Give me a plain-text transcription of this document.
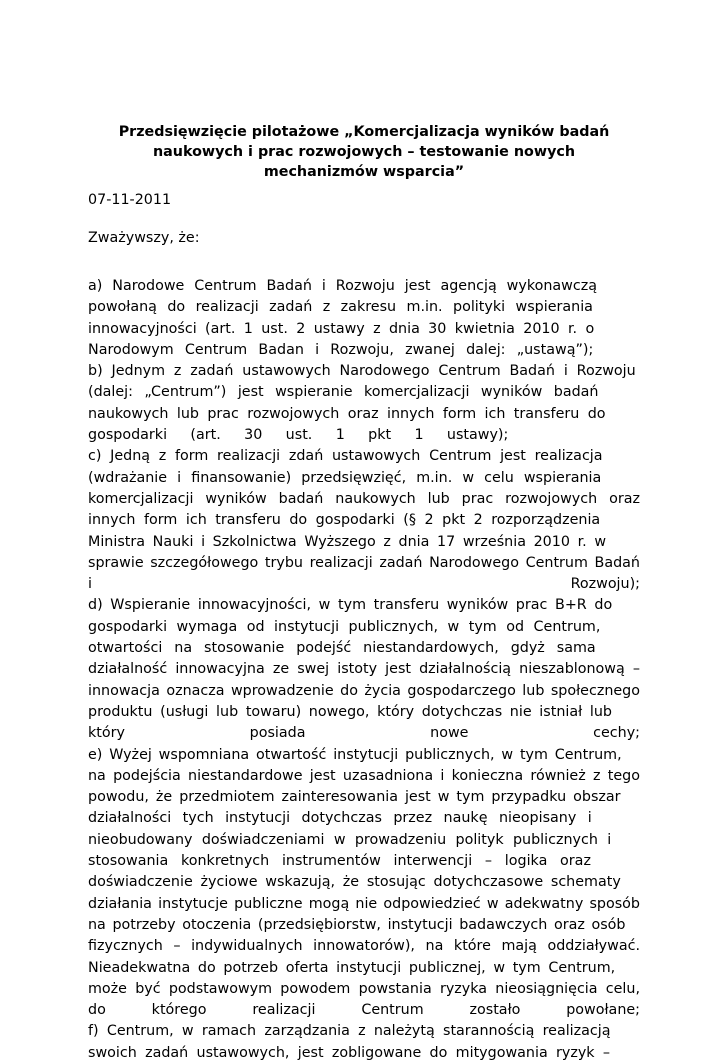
Przedsięwzięcie pilotażowe „Komercjalizacja wyników badań
naukowych i prac rozwojowych – testowanie nowych
mechanizmów wsparcia”
07-11-2011
Zważywszy, że:
a) Narodowe Centrum Badań i Rozwoju jest agencją wykonawczą
powołaną do realizacji zadań z zakresu m.in. polityki wspierania
innowacyjności (art. 1 ust. 2 ustawy z dnia 30 kwietnia 2010 r. o
Narodowym Centrum Badan i Rozwoju, zwanej dalej: „ustawą”);
b) Jednym z zadań ustawowych Narodowego Centrum Badań i Rozwoju
(dalej: „Centrum”) jest wspieranie komercjalizacji wyników badań
naukowych lub prac rozwojowych oraz innych form ich transferu do
gospodarki (art. 30 ust. 1 pkt 1 ustawy);
c) Jedną z form realizacji zdań ustawowych Centrum jest realizacja
(wdrażanie i finansowanie) przedsięwzięć, m.in. w celu wspierania
komercjalizacji wyników badań naukowych lub prac rozwojowych oraz
innych form ich transferu do gospodarki (§ 2 pkt 2 rozporządzenia
Ministra Nauki i Szkolnictwa Wyższego z dnia 17 września 2010 r. w
sprawie szczegółowego trybu realizacji zadań Narodowego Centrum Badań
i Rozwoju);
d) Wspieranie innowacyjności, w tym transferu wyników prac B+R do
gospodarki wymaga od instytucji publicznych, w tym od Centrum,
otwartości na stosowanie podejść niestandardowych, gdyż sama
działalność innowacyjna ze swej istoty jest działalnością nieszablonową –
innowacja oznacza wprowadzenie do życia gospodarczego lub społecznego
produktu (usługi lub towaru) nowego, który dotychczas nie istniał lub
który posiada nowe cechy;
e) Wyżej wspomniana otwartość instytucji publicznych, w tym Centrum,
na podejścia niestandardowe jest uzasadniona i konieczna również z tego
powodu, że przedmiotem zainteresowania jest w tym przypadku obszar
działalności tych instytucji dotychczas przez naukę nieopisany i
nieobudowany doświadczeniami w prowadzeniu polityk publicznych i
stosowania konkretnych instrumentów interwencji – logika oraz
doświadczenie życiowe wskazują, że stosując dotychczasowe schematy
działania instytucje publiczne mogą nie odpowiedzieć w adekwatny sposób
na potrzeby otoczenia (przedsiębiorstw, instytucji badawczych oraz osób
fizycznych – indywidualnych innowatorów), na które mają oddziaływać.
Nieadekwatna do potrzeb oferta instytucji publicznej, w tym Centrum,
może być podstawowym powodem powstania ryzyka nieosiągnięcia celu,
do którego realizacji Centrum zostało powołane;
f) Centrum, w ramach zarządzania z należytą starannością realizacją
swoich zadań ustawowych, jest zobligowane do mitygowania ryzyk –
